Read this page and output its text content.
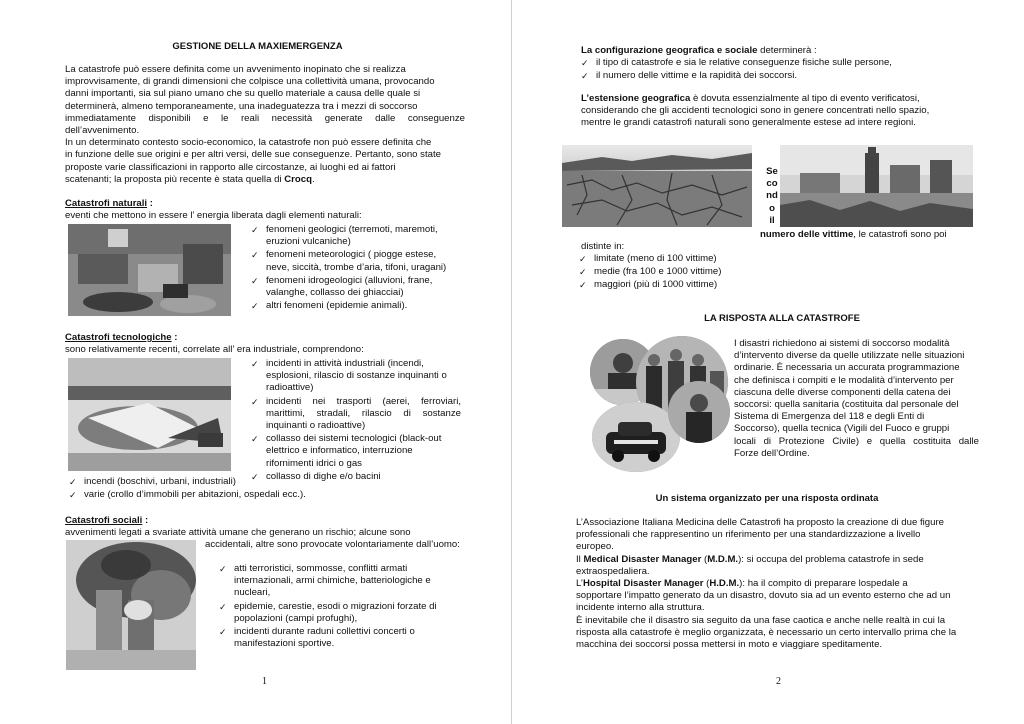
GESTIONE DELLA MAXIEMERGENZA
La catastrofe può essere definita come un avvenimento inopinato che si realizza
improvvisamente, di grandi dimensioni che colpisce una collettività umana, provocando
danni importanti, sia sul piano umano che su quello materiale a causa delle quale si
determinerà, almeno temporaneamente, una inadeguatezza tra i mezzi di soccorso
immediatamente disponibili e le reali necessità generate dalle conseguenze
dell’avvenimento.
In un determinato contesto socio-economico, la catastrofe non può essere definita che
in funzione delle sue origini e per altri versi, delle sue conseguenze. Pertanto, sono state
proposte varie classificazioni in rapporto alle circostanze, ai luoghi ed ai fattori
scatenanti; la proposta più recente è stata quella di Crocq.
Catastrofi naturali :
eventi che mettono in essere l’ energia liberata dagli elementi naturali:
✓ fenomeni geologici (terremoti, maremoti, eruzioni vulcaniche)
✓ fenomeni meteorologici ( piogge estese, neve, siccità, trombe d’aria, tifoni, uragani)
✓ fenomeni idrogeologici (alluvioni, frane, valanghe, collasso dei ghiacciai)
✓ altri fenomeni (epidemie animali).
Catastrofi tecnologiche :
sono relativamente recenti, correlate all’ era industriale, comprendono:
✓ incidenti in attività industriali (incendi, esplosioni, rilascio di sostanze inquinanti o radioattive)
✓ incidenti nei trasporti (aerei, ferroviari, marittimi, stradali, rilascio di sostanze inquinanti o radioattive)
✓ collasso dei sistemi tecnologici (black-out elettrico e informatico, interruzione rifornimenti idrici o gas
✓ collasso di dighe e/o bacini
✓ incendi (boschivi, urbani, industriali)
✓ varie (crollo d’immobili per abitazioni, ospedali ecc.).
Catastrofi sociali :
avvenimenti legati a svariate attività umane che generano un rischio; alcune sono
accidentali, altre sono provocate volontariamente dall’uomo:
✓ atti terroristici, sommosse, conflitti armati internazionali, armi chimiche, batteriologiche e nucleari,
✓ epidemie, carestie, esodi o migrazioni forzate di popolazioni (campi profughi),
✓ incidenti durante raduni collettivi concerti o manifestazioni sportive.
1
La configurazione geografica e sociale determinerà :
✓ il tipo di catastrofe e sia le relative conseguenze fisiche sulle persone,
✓ il numero delle vittime e la rapidità dei soccorsi.
L’estensione geografica è dovuta essenzialmente al tipo di evento verificatosi,
considerando che gli accidenti tecnologici sono in genere concentrati nello spazio,
mentre le grandi catastrofi naturali sono generalmente estese ad intere regioni.
Se
co
nd
o
il
numero delle vittime, le catastrofi sono poi
distinte in:
✓ limitate (meno di 100 vittime)
✓ medie (fra 100 e 1000 vittime)
✓ maggiori (più di 1000 vittime)
LA RISPOSTA ALLA CATASTROFE
I disastri richiedono ai sistemi di soccorso modalità
d’intervento diverse da quelle utilizzate nelle situazioni
ordinarie. È necessaria un accurata programmazione
che definisca i compiti e le modalità d’intervento per
ciascuna delle diverse componenti della catena dei
soccorsi: quella sanitaria (costituita dal personale del
Sistema di Emergenza del 118 e degli Enti di
Soccorso), quella tecnica (Vigili del Fuoco e gruppi
locali di Protezione Civile) e quella costituita dalle
Forze dell’Ordine.
Un sistema organizzato per una risposta ordinata
L’Associazione Italiana Medicina delle Catastrofi ha proposto la creazione di due figure
professionali che rappresentino un riferimento per una standardizzazione a livello
europeo.
Il Medical Disaster Manager (M.D.M.): si occupa del problema catastrofe in sede
extraospedaliera.
L’Hospital Disaster Manager (H.D.M.): ha il compito di preparare lospedale a
sopportare l’impatto generato da un disastro, dovuto sia ad un evento esterno che ad un
incidente interno alla struttura.
È inevitabile che il disastro sia seguito da una fase caotica e anche nelle realtà in cui la
risposta alla catastrofe è meglio organizzata, è necessario un certo intervallo prima che la
macchina dei soccorsi possa mettersi in moto e viaggiare speditamente.
2
